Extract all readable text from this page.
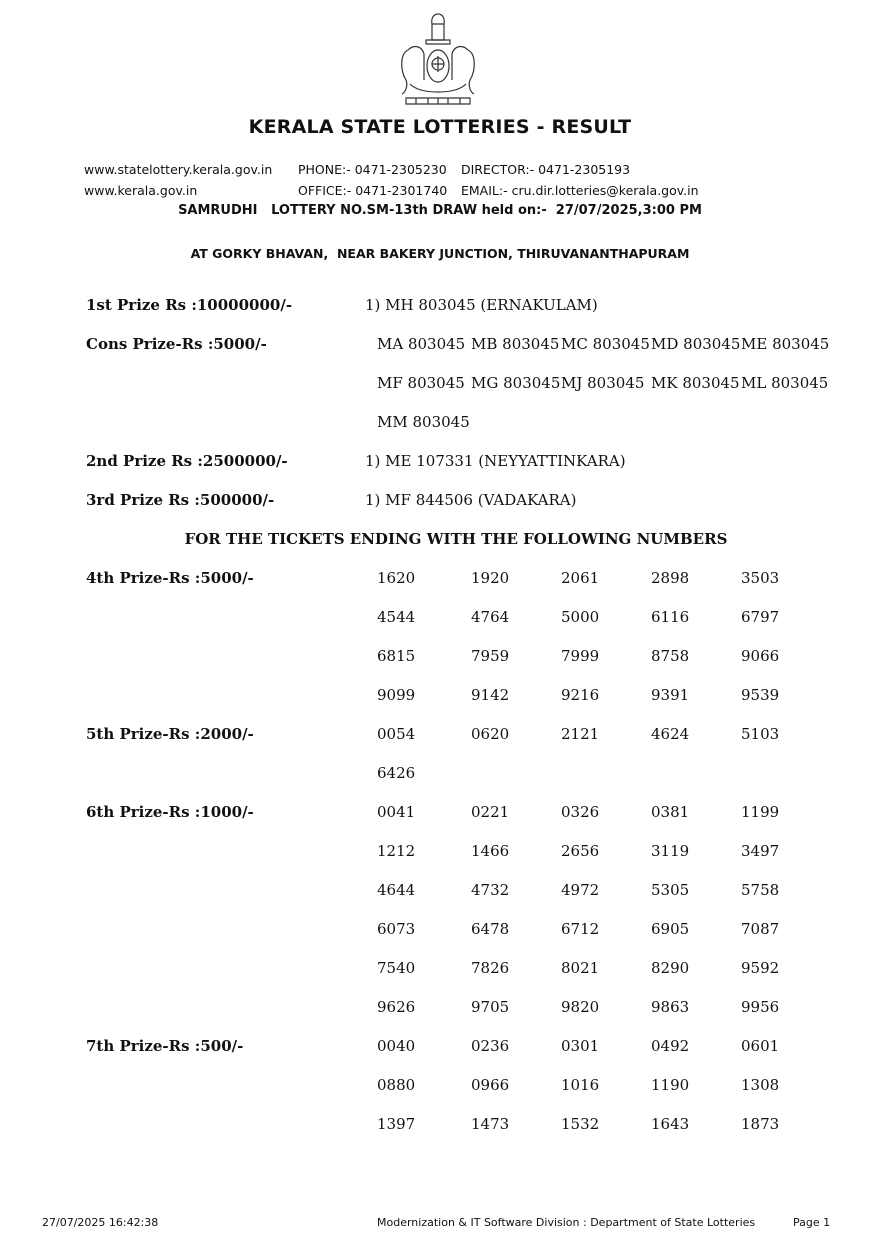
KERALA STATE LOTTERIES - RESULT
www.statelottery.kerala.gov.in PHONE:- 0471-2305230 DIRECTOR:- 0471-2305193
www.kerala.gov.in	OFFICE:- 0471-2301740 EMAIL:- cru.dir.lotteries@kerala.gov.in
SAMRUDHI   LOTTERY NO.SM-13th DRAW held on:-  27/07/2025,3:00 PM
AT GORKY BHAVAN,  NEAR BAKERY JUNCTION, THIRUVANANTHAPURAM
1st Prize Rs :10000000/-	1) MH 803045 (ERNAKULAM)
Cons Prize-Rs :5000/-	MA 803045 MB 803045 MC 803045 MD 803045 ME 803045
MF 803045 MG 803045 MJ 803045 MK 803045 ML 803045
MM 803045
2nd Prize Rs :2500000/-	1) ME 107331 (NEYYATTINKARA)
3rd Prize Rs :500000/-	1) MF 844506 (VADAKARA)
FOR THE TICKETS ENDING WITH THE FOLLOWING NUMBERS
4th Prize-Rs :5000/-	1620	1920	2061	2898	3503
4544	4764	5000	6116	6797
6815	7959	7999	8758	9066
9099	9142	9216	9391	9539
5th Prize-Rs :2000/-	0054	0620	2121	4624	5103
6426
6th Prize-Rs :1000/-	0041	0221	0326	0381	1199
1212	1466	2656	3119	3497
4644	4732	4972	5305	5758
6073	6478	6712	6905	7087
7540	7826	8021	8290	9592
9626	9705	9820	9863	9956
7th Prize-Rs :500/-	0040	0236	0301	0492	0601
0880	0966	1016	1190	1308
1397	1473	1532	1643	1873
27/07/2025 16:42:38	Modernization & IT Software Division : Department of State Lotteries	Page 1
